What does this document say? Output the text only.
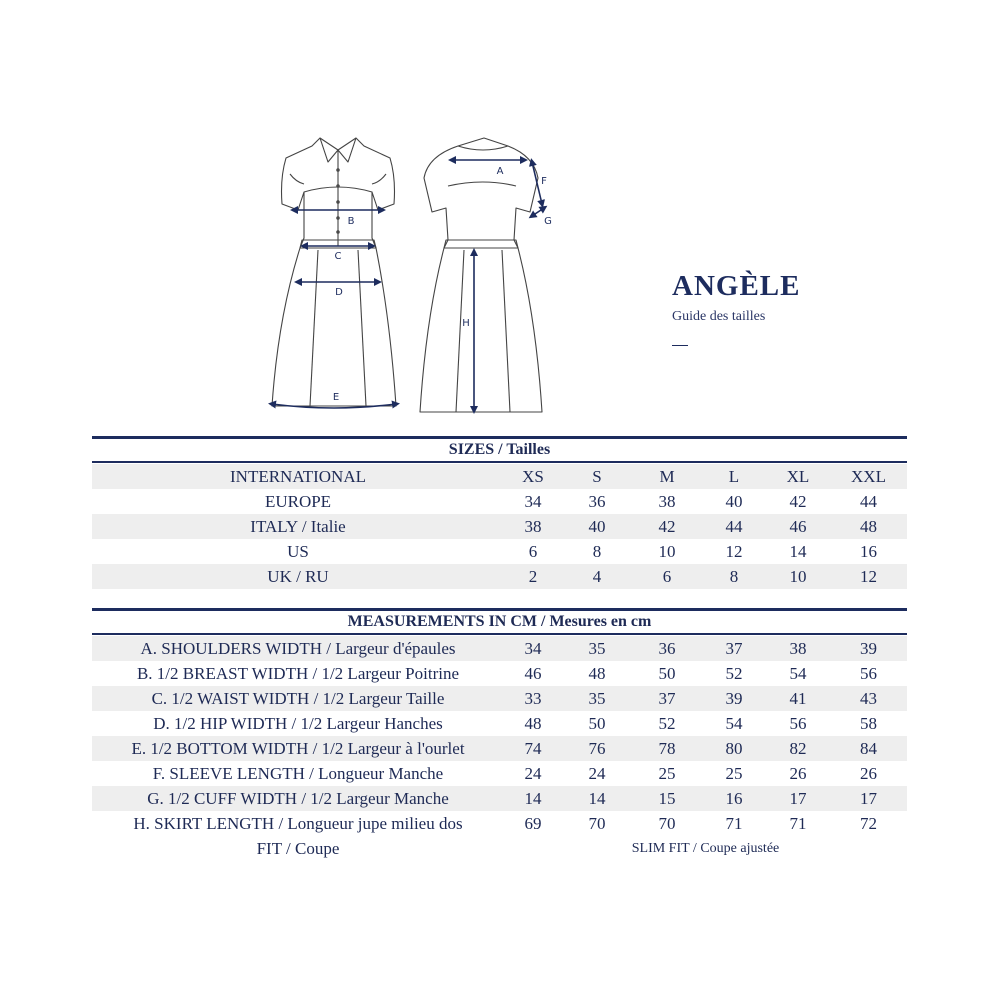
B
C
D
E
A
F
G
H
ANGÈLE
Guide des tailles
SIZES / Tailles
INTERNATIONAL	XS	S	M	L	XL	XXL
EUROPE	34	36	38	40	42	44
ITALY / Italie	38	40	42	44	46	48
US	6	8	10	12	14	16
UK / RU	2	4	6	8	10	12
MEASUREMENTS IN CM / Mesures en cm
A. SHOULDERS WIDTH / Largeur d'épaules	34	35	36	37	38	39
B. 1/2 BREAST WIDTH / 1/2 Largeur Poitrine	46	48	50	52	54	56
C. 1/2 WAIST WIDTH / 1/2 Largeur Taille	33	35	37	39	41	43
D. 1/2 HIP WIDTH / 1/2 Largeur Hanches	48	50	52	54	56	58
E. 1/2 BOTTOM WIDTH / 1/2 Largeur à l'ourlet	74	76	78	80	82	84
F. SLEEVE LENGTH / Longueur Manche	24	24	25	25	26	26
G. 1/2 CUFF WIDTH / 1/2 Largeur Manche	14	14	15	16	17	17
H. SKIRT LENGTH / Longueur jupe milieu dos	69	70	70	71	71	72
FIT / Coupe	SLIM FIT / Coupe ajustée
